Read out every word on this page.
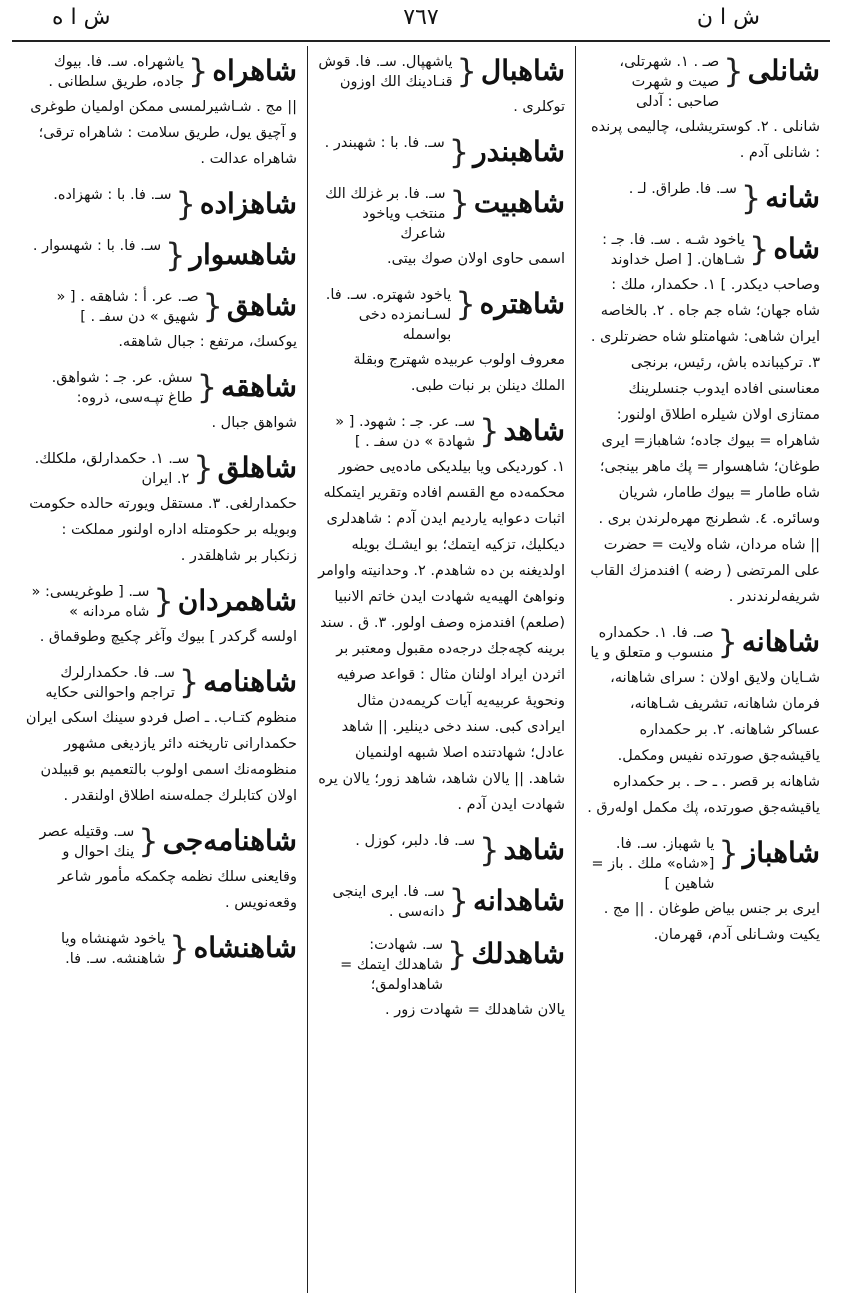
ش ا ه	٧٦٧	ش ا ن
شانلی
{
صـ . ١. شهرتلی، صیت و شهرت صاحبی : آدلی
شانلی . ٢. كوستریشلی، چالیمی پرنده : شانلی آدم .
شانه
{
سـ. فا. طراق. لـ .
شاه
{
یاخود شـه . سـ. فا. جـ : شـاهان. [ اصل خداوند
وصاحب دیكدر. ] ١. حكمدار، ملك : شاه جهان؛ شاه جم جاه . ٢. بالخاصه ایران شاهی: شهامتلو شاه حضرتلری . ٣. تركیبانده باش، رئیس، برنجی معناسنی افاده ایدوب جنسلرینك ممتازی اولان شیلره اطلاق اولنور: شاهراه = بیوك جاده؛ شاهباز= ایری طوغان؛ شاهسوار = پك ماهر بینجی؛ شاه طامار = بیوك طامار، شریان وسائره. ٤. شطرنج مهره‌لرندن بری . || شاه مردان، شاه ولایت = حضرت علی المرتضی ( رضه ) افندمزك القاب شریفه‌لرندندر .
شاهانه
{
صـ. فا. ١. حكمداره منسوب و متعلق و یا
شـایان ولایق اولان : سرای شاهانه، فرمان شاهانه، تشریف شـاهانه، عساكر شاهانه. ٢. بر حكمداره یاقیشه‌جق صورتده نفیس ومكمل. شاهانه بر قصر . ـ حـ . بر حكمداره یاقیشه‌جق صورتده، پك مكمل اوله‌رق .
شاهباز
{
یا شهباز. سـ. فا. [«شاه» ملك . باز = شاهین ]
ایری بر جنس بیاض طوغان . || مج . یكیت وشـانلی آدم، قهرمان.
شاهبال
{
یاشهپال. سـ. فا. قوش قنـادینك الك اوزون
توكلری .
شاهبندر
{
سـ. فا. با : شهبندر .
شاهبیت
{
سـ. فا. بر غزلك الك منتخب ویاخود شاعرك
اسمی حاوی اولان صوك بیتی.
شاهتره
{
یاخود شهتره. سـ. فا. لسـانمزده دخی بواسمله
معروف اولوب عربیده شهترج وبقلة الملك دینلن بر نبات طبی.
شاهد
{
سـ. عر. جـ : شهود. [ « شهادة » دن سفـ . ]
١. كوردیكی ویا بیلدیكی ماده‌یی حضور محكمه‌ده مع القسم افاده وتقریر ایتمكله اثبات دعوایه یاردیم ایدن آدم : شاهدلری دیكلیك، تزكیه ایتمك؛ بو ایشـك بویله اولدیغنه بن ده شاهدم. ٢. وحدانیته واوامر ونواهئ الهیه‌یه شهادت ایدن خاتم الانبیا (صلعم) افندمزه وصف اولور. ٣. ق . سند برینه كچه‌جك درجه‌ده مقبول ومعتبر بر اثردن ایراد اولنان مثال : قواعد صرفیه ونحویهٔ عربیه‌یه آیات كریمه‌دن مثال ایرادی كبی. سند دخی دینلیر. || شاهد عادل؛ شهادتنده اصلا شبهه اولنمیان شاهد. || یالان شاهد، شاهد زور؛ یالان یره شهادت ایدن آدم .
شاهد
{
سـ. فا. دلبر، كوزل .
شاهدانه
{
سـ. فا. ایری اینجی دانه‌سی .
شاهدلك
{
سـ. شهادت: شاهدلك ایتمك = شاهداولمق؛
یالان شاهدلك = شهادت زور .
شاهراه
{
یاشهراه. سـ. فا. بیوك جاده، طریق سلطانی .
|| مج . شـاشیرلمسی ممكن اولمیان طوغری و آچیق یول، طریق سلامت : شاهراه ترقی؛ شاهراه عدالت .
شاهزاده
{
سـ. فا. با : شهزاده.
شاهسوار
{
سـ. فا. با : شهسوار .
شاهق
{
صـ. عر. أ : شاهقه . [ « شهیق » دن سفـ . ]
یوكسك، مرتفع : جبال شاهقه.
شاهقه
{
سش. عر. جـ : شواهق. طاغ تپـه‌سی، ذروه:
شواهق جبال .
شاهلق
{
سـ. ١. حكمدارلق، ملكلك. ٢. ایران
حكمدارلغی. ٣. مستقل ویورته حالده حكومت وبویله بر حكومتله اداره اولنور مملكت : زنكبار بر شاهلقدر .
شاهمردان
{
سـ. [ طوغریسی: « شاه مردانه »
اولسه گركدر ] بیوك وآغر چكیچ وطوقماق .
شاهنامه
{
سـ. فا. حكمدارلرك تراجم واحوالنی حكایه
منظوم كتـاب. ـ اصل فردو سینك اسكی ایران حكمدارانی تاریخنه دائر یازدیغی مشهور منظومه‌نك اسمی اولوب بالتعمیم بو قبیلدن اولان كتابلرك جمله‌سنه اطلاق اولنقدر .
شاهنامه‌جی
{
سـ. وقتیله عصر ینك احوال و
وقایعنی سلك نظمه چكمكه مأمور شاعر وقعه‌نویس .
شاهنشاه
{
یاخود شهنشاه ویا شاهنشه. سـ. فا.
